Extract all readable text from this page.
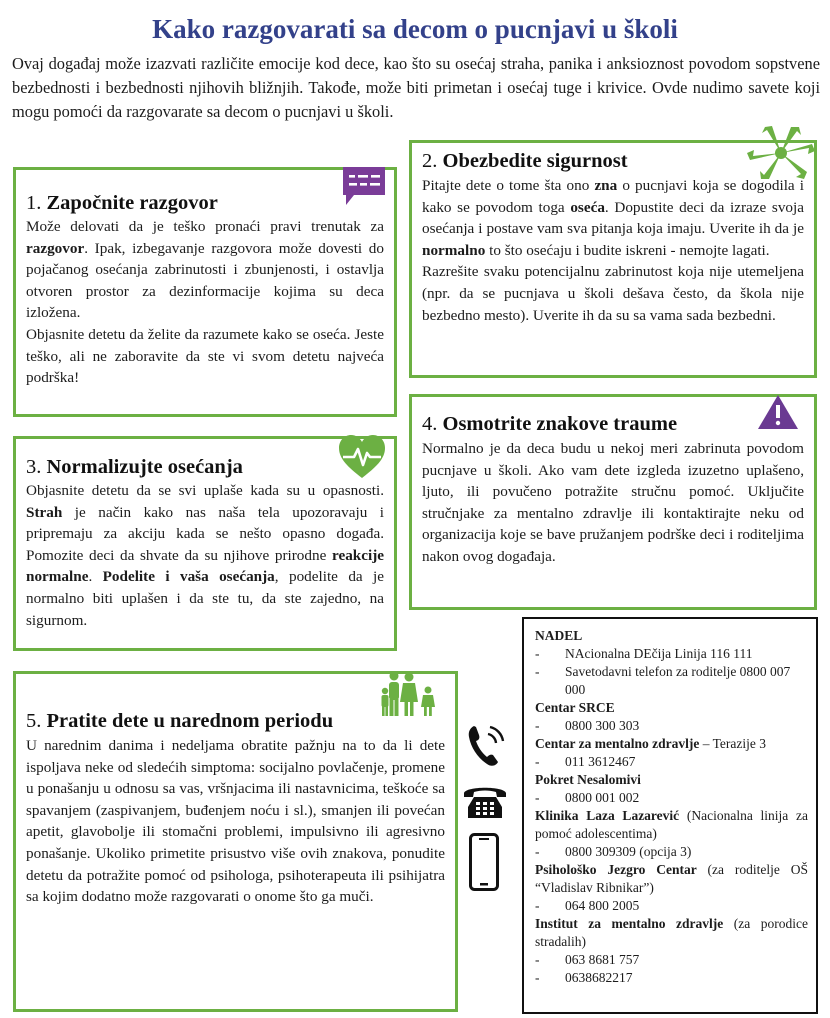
Kako razgovarati sa decom o pucnjavi u školi

Ovaj događaj može izazvati različite emocije kod dece, kao što su osećaj straha, panika i anksioznost povodom sopstvene bezbednosti i bezbednosti njihovih bližnjih. Takođe, može biti primetan i osećaj tuge i krivice. Ovde nudimo savete koji mogu pomoći da razgovarate sa decom o pucnjavi u školi.

1. Započnite razgovor

Može delovati da je teško pronaći pravi trenutak za razgovor. Ipak, izbegavanje razgovora može dovesti do pojačanog osećanja zabrinutosti i zbunjenosti, i ostavlja otvoren prostor za dezinformacije kojima su deca izložena.

Objasnite detetu da želite da razumete kako se oseća. Jeste teško, ali ne zaboravite da ste vi svom detetu najveća podrška!

2. Obezbedite sigurnost

Pitajte dete o tome šta ono zna o pucnjavi koja se dogodila i kako se povodom toga oseća. Dopustite deci da izraze svoja osećanja i postave vam sva pitanja koja imaju. Uverite ih da je normalno to što osećaju i budite iskreni - nemojte lagati.

Razrešite svaku potencijalnu zabrinutost koja nije utemeljena (npr. da se pucnjava u školi dešava često, da škola nije bezbedno mesto). Uverite ih da su sa vama sada bezbedni.

3. Normalizujte osećanja

Objasnite detetu da se svi uplaše kada su u opasnosti. Strah je način kako nas naša tela upozoravaju i pripremaju za akciju kada se nešto opasno događa. Pomozite deci da shvate da su njihove prirodne reakcije normalne. Podelite i vaša osećanja, podelite da je normalno biti uplašen i da ste tu, da ste zajedno, na sigurnom.

4. Osmotrite znakove traume

Normalno je da deca budu u nekoj meri zabrinuta povodom pucnjave u školi. Ako vam dete izgleda izuzetno uplašeno, ljuto, ili povučeno potražite stručnu pomoć. Uključite stručnjake za mentalno zdravlje ili kontaktirajte neku od organizacija koje se bave pružanjem podrške deci i roditeljima nakon ovog događaja.

5. Pratite dete u narednom periodu

U narednim danima i nedeljama obratite pažnju na to da li dete ispoljava neke od sledećih simptoma: socijalno povlačenje, promene u ponašanju u odnosu sa vas, vršnjacima ili nastavnicima, teškoće sa spavanjem (zaspivanjem, buđenjem noću i sl.), smanjen ili povećan apetit, glavobolje ili stomačni problemi, impulsivno ili agresivno ponašanje. Ukoliko primetite prisustvo više ovih znakova, ponudite detetu da potražite pomoć od psihologa, psihoterapeuta ili psihijatra sa kojim dodatno može razgovarati o onome što ga muči.

NADEL
-	NAcionalna DEčija Linija 116 111
-	Savetodavni telefon za roditelje 0800 007 000
Centar SRCE
-	0800 300 303
Centar za mentalno zdravlje – Terazije 3
-	011 3612467
Pokret Nesalomivi
-	0800 001 002
Klinika Laza Lazarević (Nacionalna linija za pomoć adolescentima)
-	0800 309309 (opcija 3)
Psihološko Jezgro Centar (za roditelje OŠ “Vladislav Ribnikar”)
-	064 800 2005
Institut za mentalno zdravlje (za porodice stradalih)
-	063 8681 757
-	0638682217
